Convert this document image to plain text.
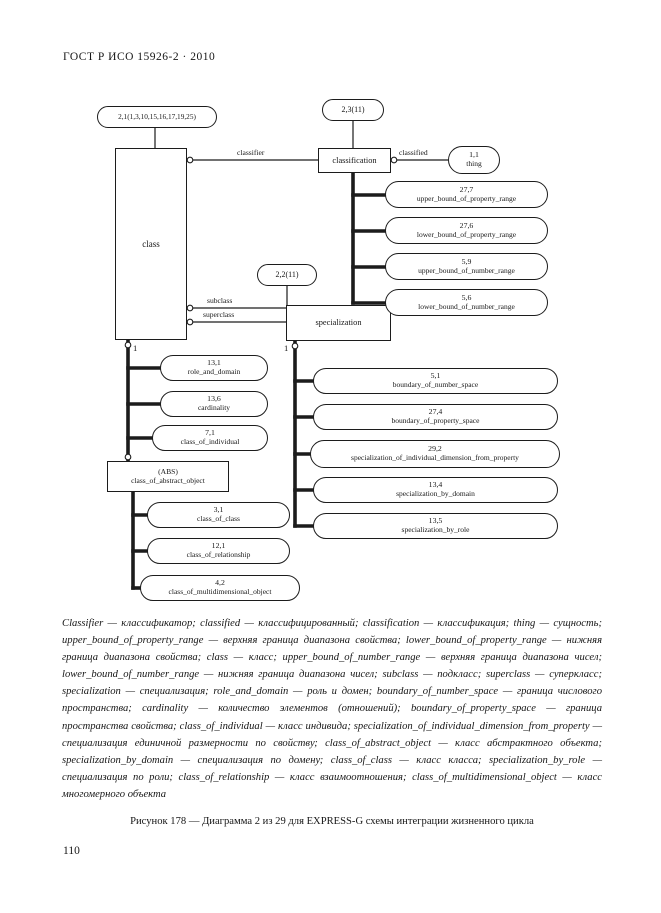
ГОСТ Р ИСО 15926-2 · 2010
2,1(1,3,10,15,16,17,19,25)
2,3(11)
2,2(11)
class
classification
specialization
(ABS)
class_of_abstract_object
1,1
thing
27,7
upper_bound_of_property_range
27,6
lower_bound_of_property_range
5,9
upper_bound_of_number_range
5,6
lower_bound_of_number_range
13,1
role_and_domain
13,6
cardinality
7,1
class_of_individual
3,1
class_of_class
12,1
class_of_relationship
4,2
class_of_multidimensional_object
5,1
boundary_of_number_space
27,4
boundary_of_property_space
29,2
specialization_of_individual_dimension_from_property
13,4
specialization_by_domain
13,5
specialization_by_role
classifier	classified
subclass
superclass
1	1
Classifier — классификатор; classified — классифицированный; classification — классификация; thing — сущность; upper_bound_of_property_range — верхняя граница диапазона свойства; lower_bound_of_property_range — нижняя граница диапазона свойства; class — класс; upper_bound_of_number_range — верхняя граница диапазона чисел; lower_bound_of_number_range — нижняя граница диапазона чисел; subclass — подкласс; superclass — суперкласс; specialization — специализация; role_and_domain — роль и домен; boundary_of_number_space — граница числового пространства; cardinality — количество элементов (отношений); boundary_of_property_space — граница пространства свойства; class_of_individual — класс индивида; specialization_of_individual_dimension_from_property — специализация единичной размерности по свойству; class_of_abstract_object — класс абстрактного объекта; specialization_by_domain — специализация по домену; class_of_class — класс класса; specialization_by_role — специализация по роли; class_of_relationship — класс взаимоотношения; class_of_multidimensional_object — класс многомерного объекта
Рисунок 178 — Диаграмма 2 из 29 для EXPRESS-G схемы интеграции жизненного цикла
110
